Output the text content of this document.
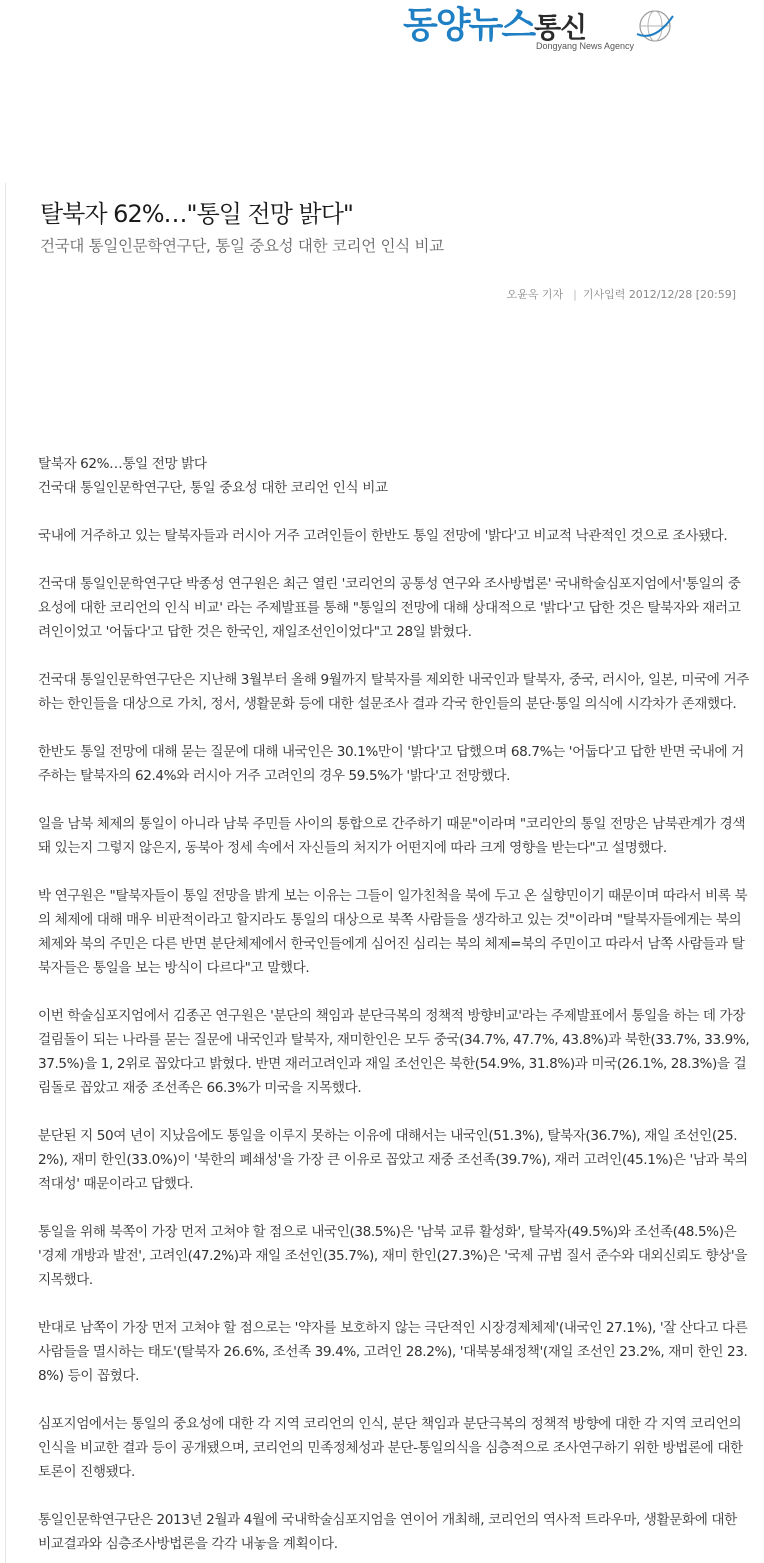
동양뉴스통신
Dongyang News Agency
탈북자 62%…"통일 전망 밝다"
건국대 통일인문학연구단, 통일 중요성 대한 코리언 인식 비교
오윤옥 기자 | 기사입력 2012/12/28 [20:59]

탈북자 62%…통일 전망 밝다
건국대 통일인문학연구단, 통일 중요성 대한 코리언 인식 비교

국내에 거주하고 있는 탈북자들과 러시아 거주 고려인들이 한반도 통일 전망에 '밝다'고 비교적 낙관적인 것으로 조사됐다.

건국대 통일인문학연구단 박종성 연구원은 최근 열린 '코리언의 공통성 연구와 조사방법론' 국내학술심포지엄에서'통일의 중요성에 대한 코리언의 인식 비교' 라는 주제발표를 통해 "통일의 전망에 대해 상대적으로 '밝다'고 답한 것은 탈북자와 재러고려인이었고 '어둡다'고 답한 것은 한국인, 재일조선인이었다"고 28일 밝혔다.

건국대 통일인문학연구단은 지난해 3월부터 올해 9월까지 탈북자를 제외한 내국인과 탈북자, 중국, 러시아, 일본, 미국에 거주하는 한인들을 대상으로 가치, 정서, 생활문화 등에 대한 설문조사 결과 각국 한인들의 분단·통일 의식에 시각차가 존재했다.

한반도 통일 전망에 대해 묻는 질문에 대해 내국인은 30.1%만이 '밝다'고 답했으며 68.7%는 '어둡다'고 답한 반면 국내에 거주하는 탈북자의 62.4%와 러시아 거주 고려인의 경우 59.5%가 '밝다'고 전망했다.

일을 남북 체제의 통일이 아니라 남북 주민들 사이의 통합으로 간주하기 때문"이라며 "코리안의 통일 전망은 남북관계가 경색돼 있는지 그렇지 않은지, 동북아 정세 속에서 자신들의 처지가 어떤지에 따라 크게 영향을 받는다"고 설명했다.

박 연구원은 "탈북자들이 통일 전망을 밝게 보는 이유는 그들이 일가친척을 북에 두고 온 실향민이기 때문이며 따라서 비록 북의 체제에 대해 매우 비판적이라고 할지라도 통일의 대상으로 북쪽 사람들을 생각하고 있는 것"이라며 "탈북자들에게는 북의 체제와 북의 주민은 다른 반면 분단체제에서 한국인들에게 심어진 심리는 북의 체제=북의 주민이고 따라서 남쪽 사람들과 탈북자들은 통일을 보는 방식이 다르다"고 말했다.

이번 학술심포지엄에서 김종곤 연구원은 '분단의 책임과 분단극복의 정책적 방향비교'라는 주제발표에서 통일을 하는 데 가장 걸림돌이 되는 나라를 묻는 질문에 내국인과 탈북자, 재미한인은 모두 중국(34.7%, 47.7%, 43.8%)과 북한(33.7%, 33.9%, 37.5%)을 1, 2위로 꼽았다고 밝혔다. 반면 재러고려인과 재일 조선인은 북한(54.9%, 31.8%)과 미국(26.1%, 28.3%)을 걸림돌로 꼽았고 재중 조선족은 66.3%가 미국을 지목했다.

분단된 지 50여 년이 지났음에도 통일을 이루지 못하는 이유에 대해서는 내국인(51.3%), 탈북자(36.7%), 재일 조선인(25.2%), 재미 한인(33.0%)이 '북한의 폐쇄성'을 가장 큰 이유로 꼽았고 재중 조선족(39.7%), 재러 고려인(45.1%)은 '남과 북의 적대성' 때문이라고 답했다.

통일을 위해 북쪽이 가장 먼저 고쳐야 할 점으로 내국인(38.5%)은 '남북 교류 활성화', 탈북자(49.5%)와 조선족(48.5%)은 '경제 개방과 발전', 고려인(47.2%)과 재일 조선인(35.7%), 재미 한인(27.3%)은 '국제 규범 질서 준수와 대외신뢰도 향상'을 지목했다.

반대로 남쪽이 가장 먼저 고쳐야 할 점으로는 '약자를 보호하지 않는 극단적인 시장경제체제'(내국인 27.1%), '잘 산다고 다른 사람들을 멸시하는 태도'(탈북자 26.6%, 조선족 39.4%, 고려인 28.2%), '대북봉쇄정책'(재일 조선인 23.2%, 재미 한인 23.8%) 등이 꼽혔다.

심포지엄에서는 통일의 중요성에 대한 각 지역 코리언의 인식, 분단 책임과 분단극복의 정책적 방향에 대한 각 지역 코리언의 인식을 비교한 결과 등이 공개됐으며, 코리언의 민족정체성과 분단-통일의식을 심층적으로 조사연구하기 위한 방법론에 대한 토론이 진행됐다.

통일인문학연구단은 2013년 2월과 4월에 국내학술심포지엄을 연이어 개최해, 코리언의 역사적 트라우마, 생활문화에 대한 비교결과와 심층조사방법론을 각각 내놓을 계획이다.
